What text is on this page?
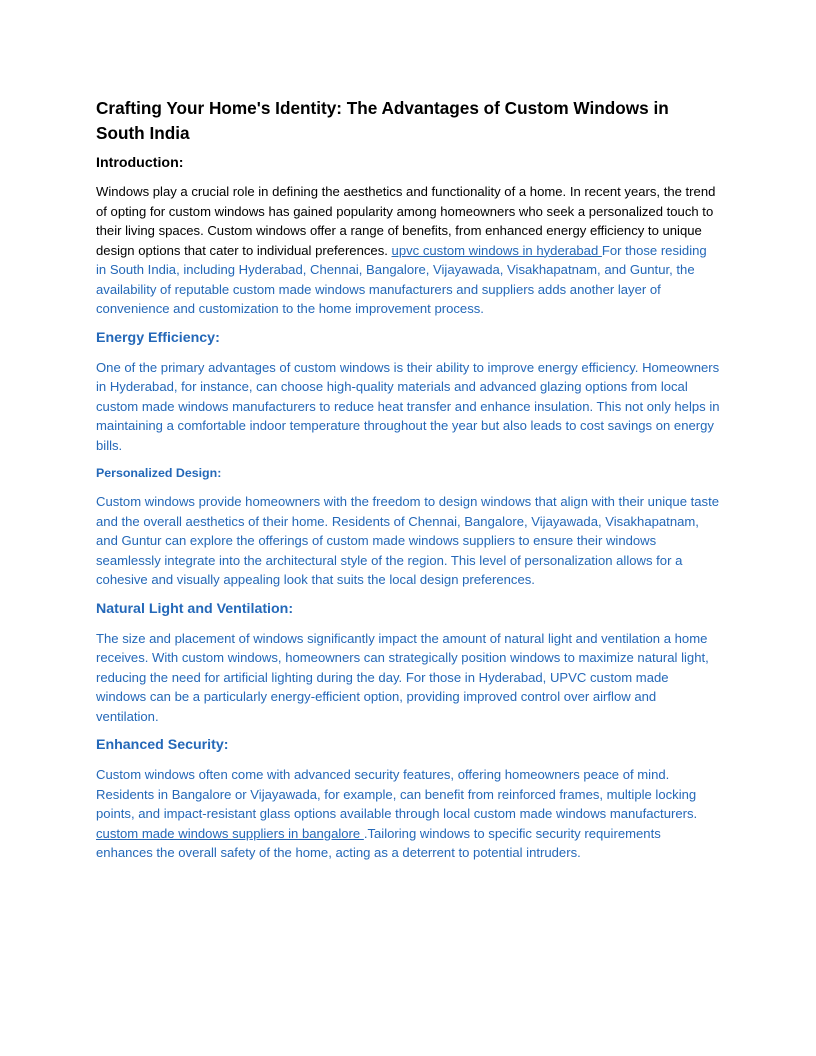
Crafting Your Home's Identity: The Advantages of Custom Windows in South India
Introduction:

Windows play a crucial role in defining the aesthetics and functionality of a home. In recent years, the trend of opting for custom windows has gained popularity among homeowners who seek a personalized touch to their living spaces. Custom windows offer a range of benefits, from enhanced energy efficiency to unique design options that cater to individual preferences. upvc custom windows in hyderabad For those residing in South India, including Hyderabad, Chennai, Bangalore, Vijayawada, Visakhapatnam, and Guntur, the availability of reputable custom made windows manufacturers and suppliers adds another layer of convenience and customization to the home improvement process.

Energy Efficiency:

One of the primary advantages of custom windows is their ability to improve energy efficiency. Homeowners in Hyderabad, for instance, can choose high-quality materials and advanced glazing options from local custom made windows manufacturers to reduce heat transfer and enhance insulation. This not only helps in maintaining a comfortable indoor temperature throughout the year but also leads to cost savings on energy bills.

Personalized Design:

Custom windows provide homeowners with the freedom to design windows that align with their unique taste and the overall aesthetics of their home. Residents of Chennai, Bangalore, Vijayawada, Visakhapatnam, and Guntur can explore the offerings of custom made windows suppliers to ensure their windows seamlessly integrate into the architectural style of the region. This level of personalization allows for a cohesive and visually appealing look that suits the local design preferences.

Natural Light and Ventilation:

The size and placement of windows significantly impact the amount of natural light and ventilation a home receives. With custom windows, homeowners can strategically position windows to maximize natural light, reducing the need for artificial lighting during the day. For those in Hyderabad, UPVC custom made windows can be a particularly energy-efficient option, providing improved control over airflow and ventilation.

Enhanced Security:

Custom windows often come with advanced security features, offering homeowners peace of mind. Residents in Bangalore or Vijayawada, for example, can benefit from reinforced frames, multiple locking points, and impact-resistant glass options available through local custom made windows manufacturers. custom made windows suppliers in bangalore .Tailoring windows to specific security requirements enhances the overall safety of the home, acting as a deterrent to potential intruders.
